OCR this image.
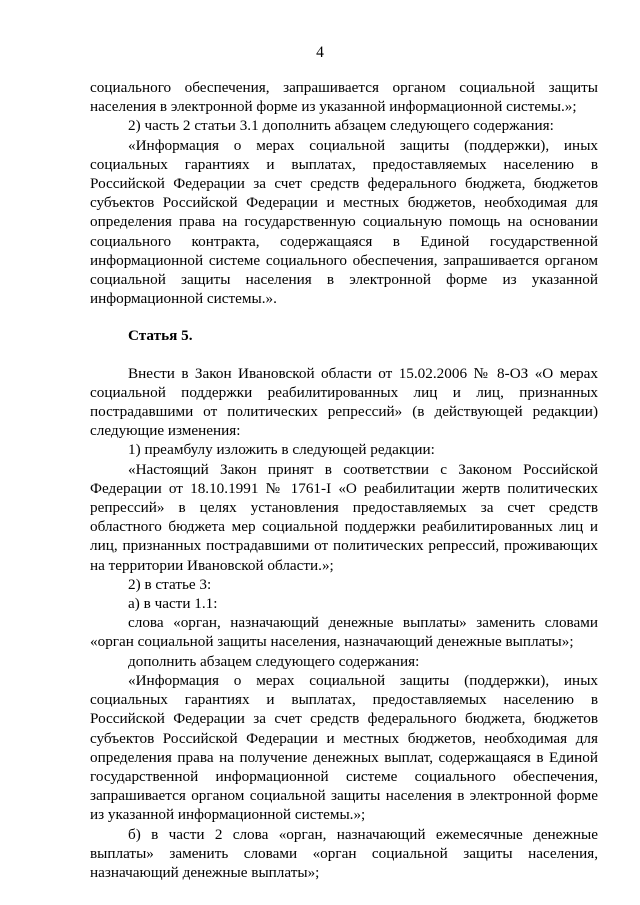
4

социального обеспечения, запрашивается органом социальной защиты населения в электронной форме из указанной информационной системы.»;

2) часть 2 статьи 3.1 дополнить абзацем следующего содержания:

«Информация о мерах социальной защиты (поддержки), иных социальных гарантиях и выплатах, предоставляемых населению в Российской Федерации за счет средств федерального бюджета, бюджетов субъектов Российской Федерации и местных бюджетов, необходимая для определения права на государственную социальную помощь на основании социального контракта, содержащаяся в Единой государственной информационной системе социального обеспечения, запрашивается органом социальной защиты населения в электронной форме из указанной информационной системы.».

Статья 5.

Внести в Закон Ивановской области от 15.02.2006 № 8-ОЗ «О мерах социальной поддержки реабилитированных лиц и лиц, признанных пострадавшими от политических репрессий» (в действующей редакции) следующие изменения:

1) преамбулу изложить в следующей редакции:

«Настоящий Закон принят в соответствии с Законом Российской Федерации от 18.10.1991 № 1761-I «О реабилитации жертв политических репрессий» в целях установления предоставляемых за счет средств областного бюджета мер социальной поддержки реабилитированных лиц и лиц, признанных пострадавшими от политических репрессий, проживающих на территории Ивановской области.»;

2) в статье 3:

а) в части 1.1:

слова «орган, назначающий денежные выплаты» заменить словами «орган социальной защиты населения, назначающий денежные выплаты»;

дополнить абзацем следующего содержания:

«Информация о мерах социальной защиты (поддержки), иных социальных гарантиях и выплатах, предоставляемых населению в Российской Федерации за счет средств федерального бюджета, бюджетов субъектов Российской Федерации и местных бюджетов, необходимая для определения права на получение денежных выплат, содержащаяся в Единой государственной информационной системе социального обеспечения, запрашивается органом социальной защиты населения в электронной форме из указанной информационной системы.»;

б) в части 2 слова «орган, назначающий ежемесячные денежные выплаты» заменить словами «орган социальной защиты населения, назначающий денежные выплаты»;
